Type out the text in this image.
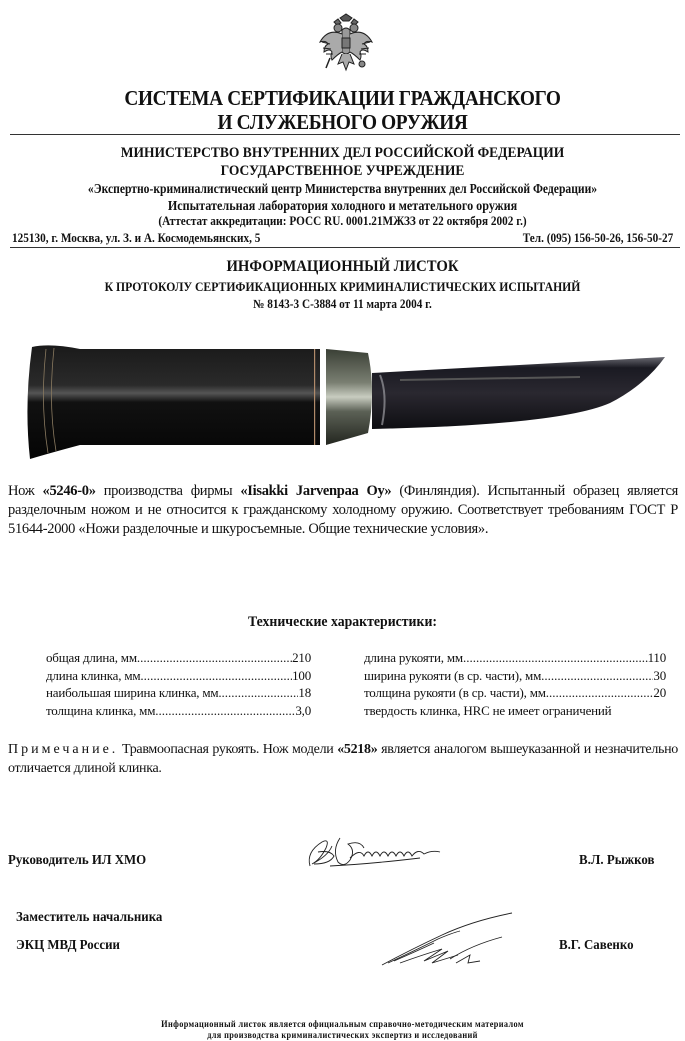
СИСТЕМА СЕРТИФИКАЦИИ ГРАЖДАНСКОГО
И СЛУЖЕБНОГО ОРУЖИЯ
МИНИСТЕРСТВО ВНУТРЕННИХ ДЕЛ РОССИЙСКОЙ ФЕДЕРАЦИИ
ГОСУДАРСТВЕННОЕ УЧРЕЖДЕНИЕ
«Экспертно-криминалистический центр Министерства внутренних дел Российской Федерации»
Испытательная лаборатория холодного и метательного оружия
(Аттестат аккредитации: РОСС RU. 0001.21МЖЗЗ от 22 октября 2002 г.)
125130, г. Москва, ул. З. и А. Космодемьянских, 5	Тел. (095) 156-50-26, 156-50-27
ИНФОРМАЦИОННЫЙ ЛИСТОК
К ПРОТОКОЛУ СЕРТИФИКАЦИОННЫХ КРИМИНАЛИСТИЧЕСКИХ ИСПЫТАНИЙ
№ 8143-3 С-3884 от 11 марта 2004 г.
Нож «5246-0» производства фирмы «Iisakki Jarvenpaa Oy» (Финляндия). Испытанный образец является разделочным ножом и не относится к гражданскому холодному оружию. Соответствует требованиям ГОСТ Р 51644-2000 «Ножи разделочные и шкуросъемные. Общие технические условия».
Технические характеристики:
общая длина, мм .....	210
длина клинка, мм .....	100
наибольшая ширина клинка, мм. .....	18
толщина клинка, мм .....	3,0
длина рукояти, мм .....	110
ширина рукояти (в ср. части), мм .....	30
толщина рукояти (в ср. части), мм .....	20
твердость клинка, HRC не имеет ограничений
Примечание. Травмоопасная рукоять. Нож модели «5218» является аналогом вышеуказанной и незначительно отличается длиной клинка.
Руководитель ИЛ ХМО	В.Л. Рыжков
Заместитель начальника
ЭКЦ МВД России	В.Г. Савенко
Информационный листок является официальным справочно-методическим материалом
для производства криминалистических экспертиз и исследований
